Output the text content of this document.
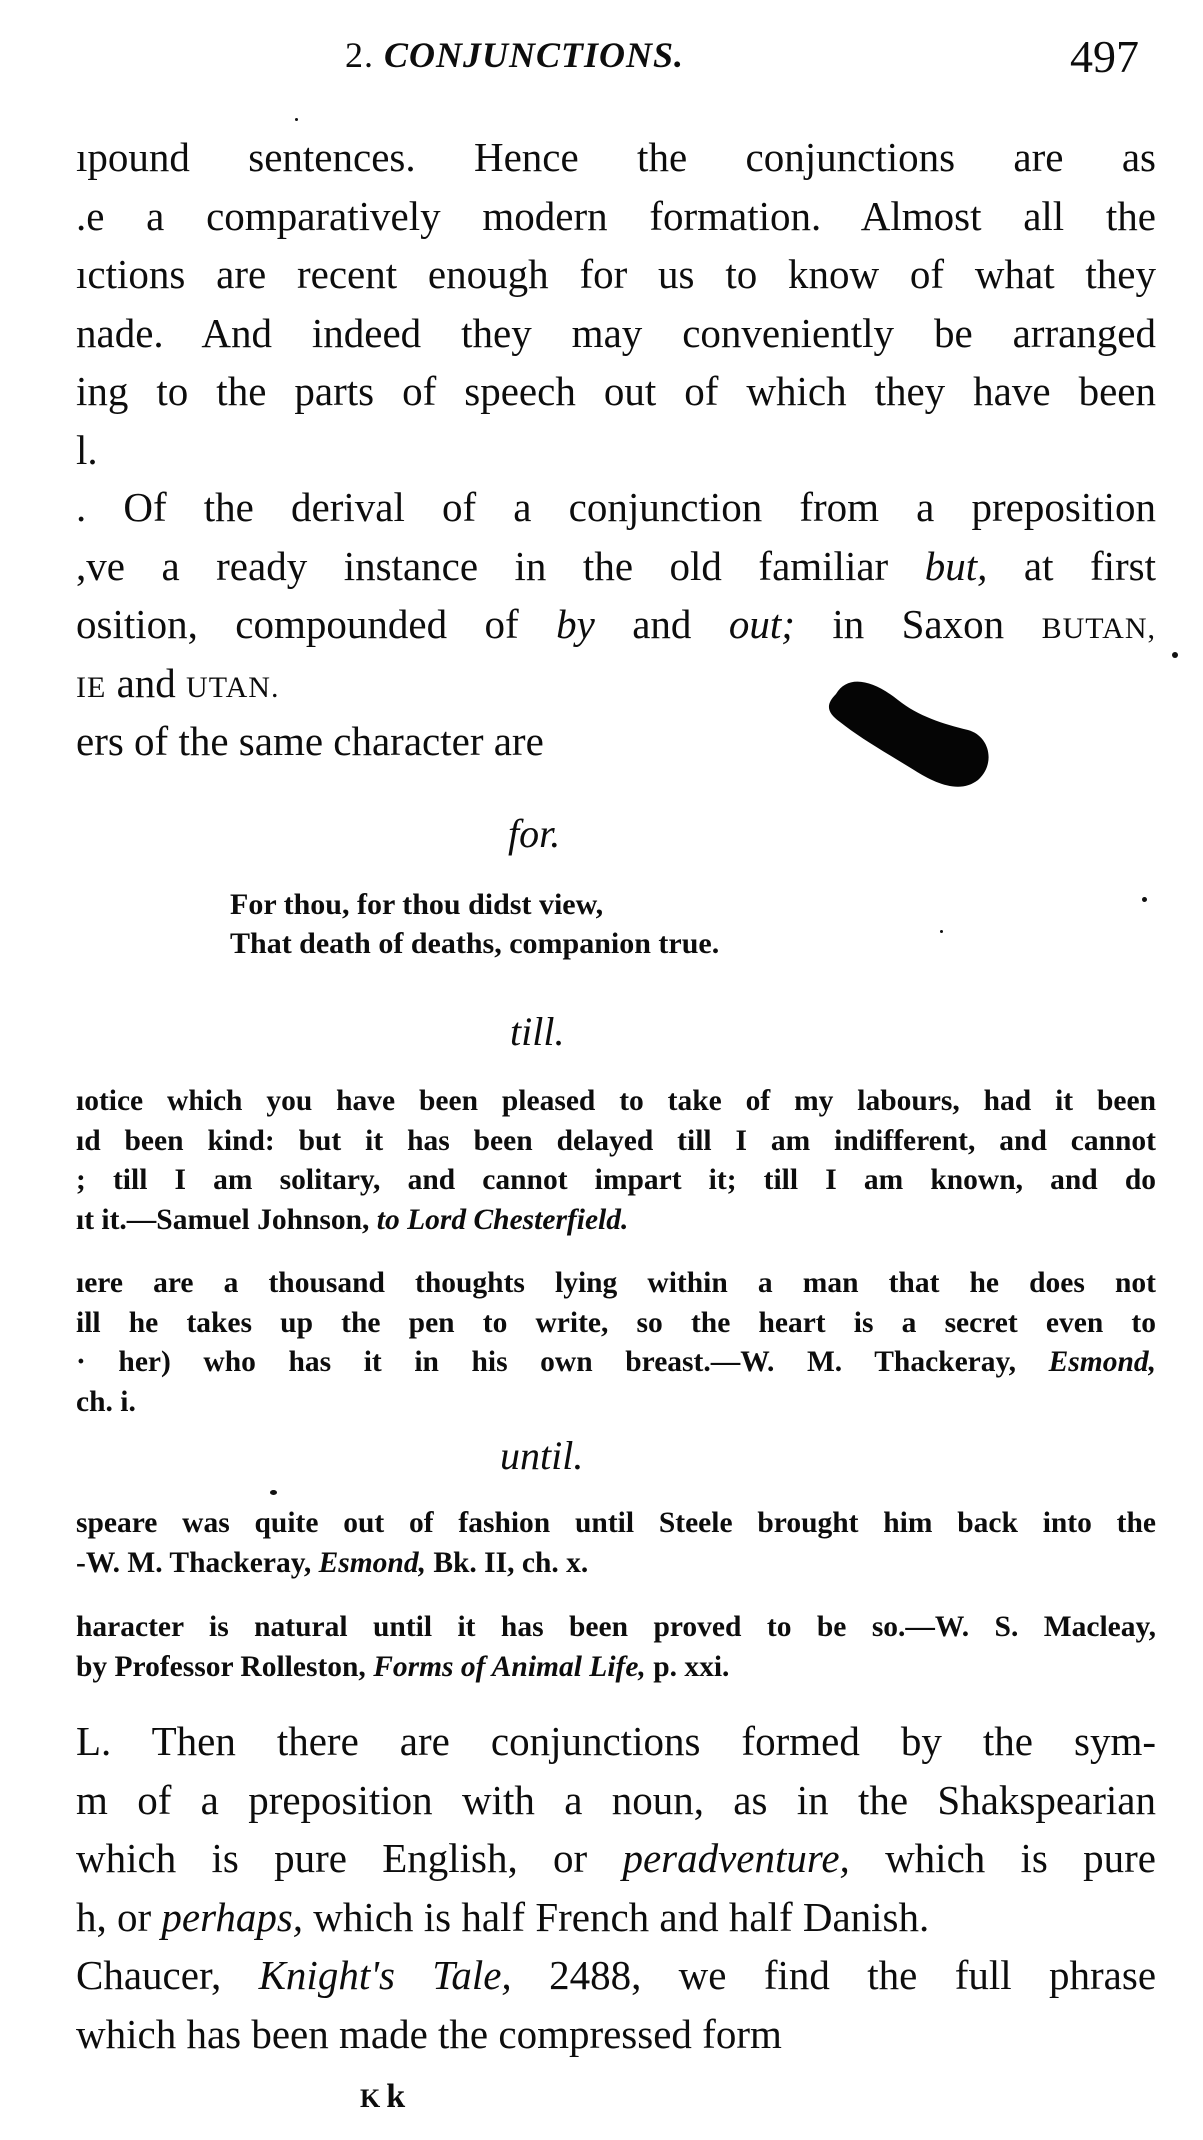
2. CONJUNCTIONS.	497
ıpound sentences. Hence the conjunctions are as
.e a comparatively modern formation. Almost all the
ıctions are recent enough for us to know of what they
nade. And indeed they may conveniently be arranged
ing to the parts of speech out of which they have been
l.
. Of the derival of a conjunction from a preposition
,ve a ready instance in the old familiar but, at first
osition, compounded of by and out; in Saxon BUTAN,
IE and UTAN.
ers of the same character are
for.
For thou, for thou didst view,
That death of deaths, companion true.
till.
ıotice which you have been pleased to take of my labours, had it been
ıd been kind: but it has been delayed till I am indifferent, and cannot
; till I am solitary, and cannot impart it; till I am known, and do
ıt it.—Samuel Johnson, to Lord Chesterfield.
ıere are a thousand thoughts lying within a man that he does not
ill he takes up the pen to write, so the heart is a secret even to
· her) who has it in his own breast.—W. M. Thackeray, Esmond,
ch. i.
until.
speare was quite out of fashion until Steele brought him back into the
-W. M. Thackeray, Esmond, Bk. II, ch. x.
haracter is natural until it has been proved to be so.—W. S. Macleay,
by Professor Rolleston, Forms of Animal Life, p. xxi.
L. Then there are conjunctions formed by the sym-
m of a preposition with a noun, as in the Shakspearian
which is pure English, or peradventure, which is pure
h, or perhaps, which is half French and half Danish.
Chaucer, Knight's Tale, 2488, we find the full phrase
which has been made the compressed form
Kk
